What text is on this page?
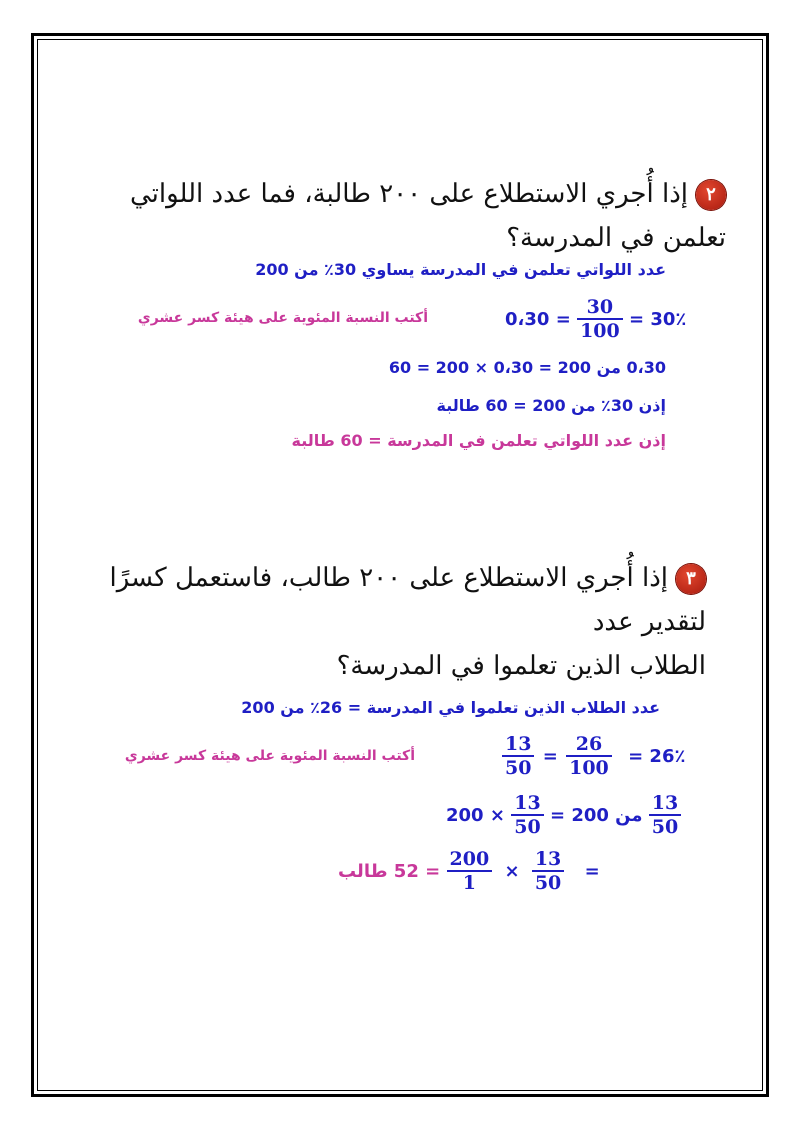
٢إذا أُجري الاستطلاع على ٢٠٠ طالبة، فما عدد اللواتي تعلمن في المدرسة؟
عدد اللواتي تعلمن في المدرسة يساوي 30٪ من 200
= 0،30 $\frac{30}{100}$ 30٪ =
أكتب النسبة المئوية على هيئة كسر عشري
0،30 من 200 = 0،30 × 200 = 60
إذن 30٪ من 200 = 60 طالبة
إذن عدد اللواتي تعلمن في المدرسة = 60 طالبة
٣إذا أُجري الاستطلاع على ٢٠٠ طالب، فاستعمل كسرًا لتقدير عدد
الطلاب الذين تعلموا في المدرسة؟
عدد الطلاب الذين تعلموا في المدرسة = 26٪ من 200
$\frac{13}{50} = \frac{26}{100}$ 26٪ =
أكتب النسبة المئوية على هيئة كسر عشري
× $200 \frac{13}{50}$ من $200 = \frac{13}{50}$
= 52 طالب $\frac{200}{1} \times \frac{13}{50}$ =
